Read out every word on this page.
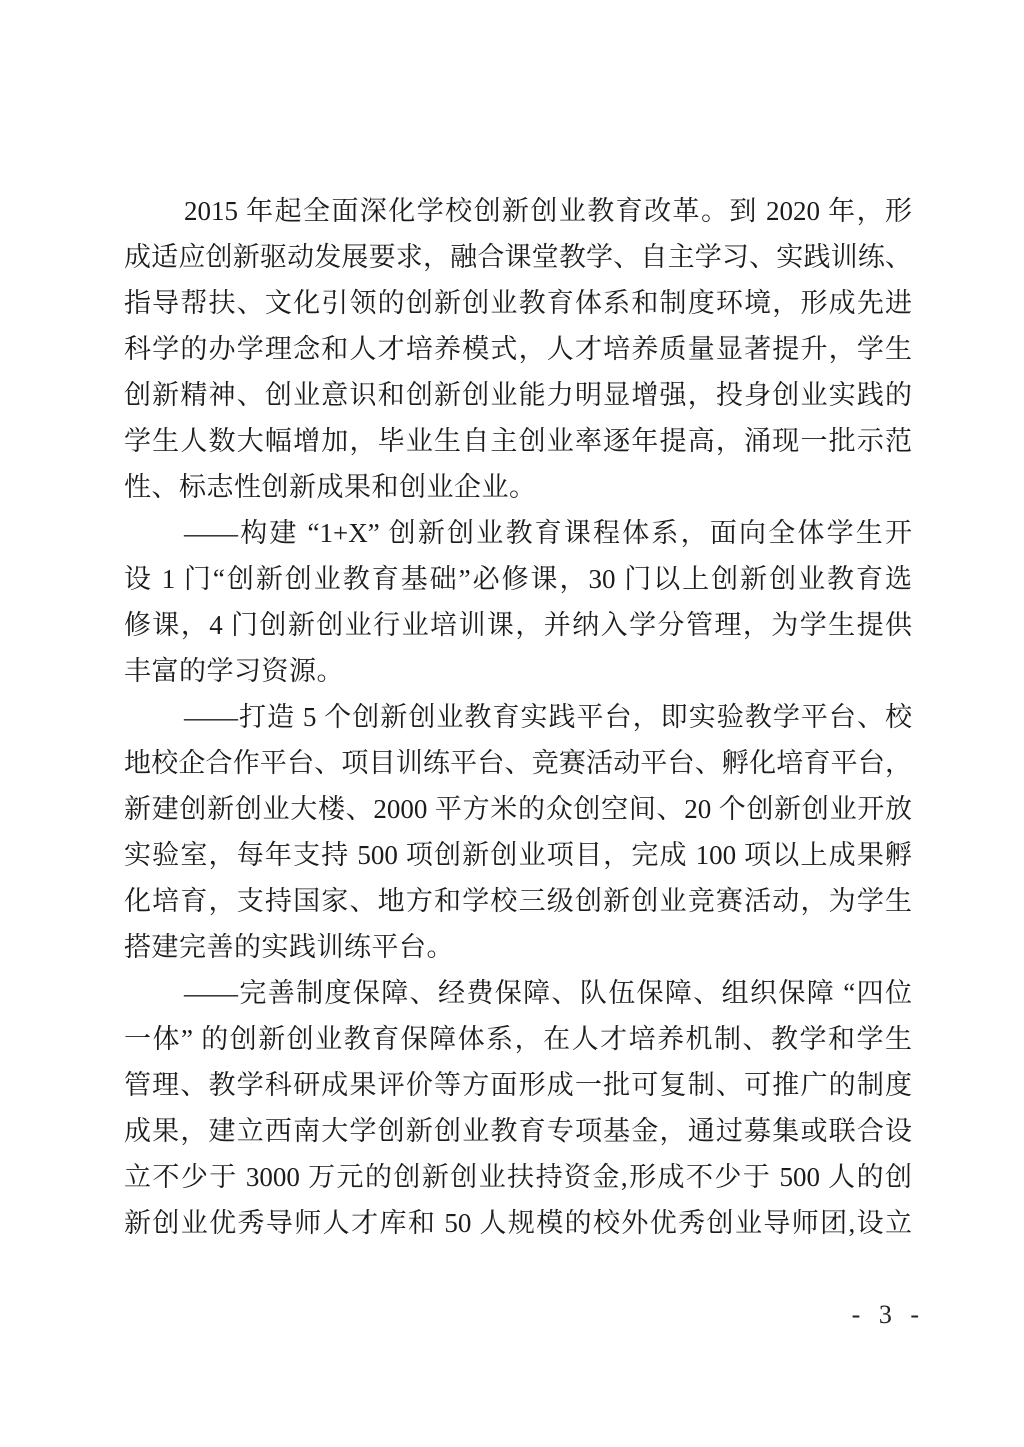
2015 年起全面深化学校创新创业教育改革。到 2020 年，形
成适应创新驱动发展要求，融合课堂教学、自主学习、实践训练、
指导帮扶、文化引领的创新创业教育体系和制度环境，形成先进
科学的办学理念和人才培养模式，人才培养质量显著提升，学生
创新精神、创业意识和创新创业能力明显增强，投身创业实践的
学生人数大幅增加，毕业生自主创业率逐年提高，涌现一批示范
性、标志性创新成果和创业企业。
——构建 “1+X” 创新创业教育课程体系，面向全体学生开
设 1 门“创新创业教育基础”必修课，30 门以上创新创业教育选
修课，4 门创新创业行业培训课，并纳入学分管理，为学生提供
丰富的学习资源。
——打造 5 个创新创业教育实践平台，即实验教学平台、校
地校企合作平台、项目训练平台、竞赛活动平台、孵化培育平台，
新建创新创业大楼、2000 平方米的众创空间、20 个创新创业开放
实验室，每年支持 500 项创新创业项目，完成 100 项以上成果孵
化培育，支持国家、地方和学校三级创新创业竞赛活动，为学生
搭建完善的实践训练平台。
——完善制度保障、经费保障、队伍保障、组织保障 “四位
一体” 的创新创业教育保障体系，在人才培养机制、教学和学生
管理、教学科研成果评价等方面形成一批可复制、可推广的制度
成果，建立西南大学创新创业教育专项基金，通过募集或联合设
立不少于 3000 万元的创新创业扶持资金,形成不少于 500 人的创
新创业优秀导师人才库和 50 人规模的校外优秀创业导师团,设立
- 3 -
